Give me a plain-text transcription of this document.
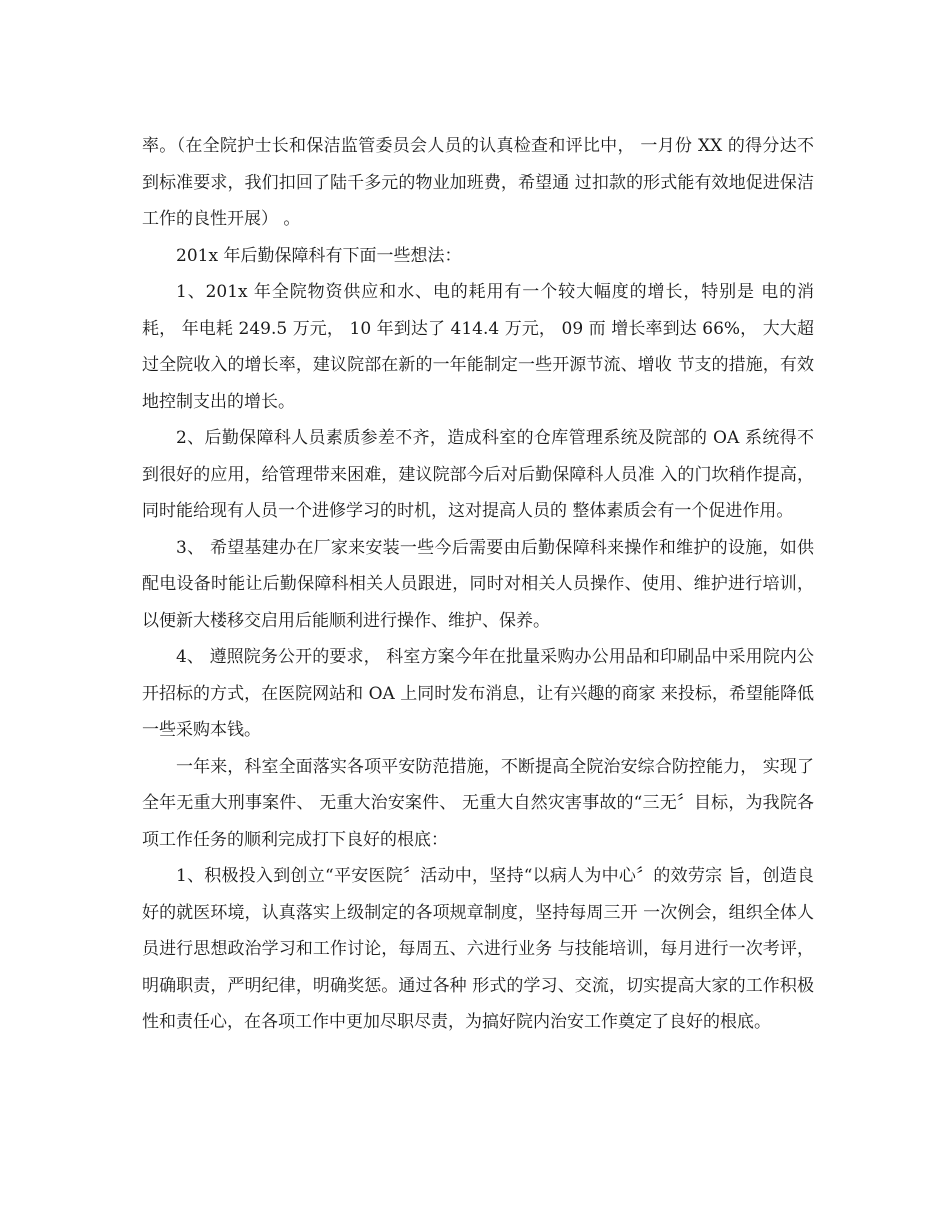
率。（在全院护士长和保洁监管委员会人员的认真检查和评比中， 一月份 XX 的得分达不到标准要求，我们扣回了陆千多元的物业加班费，希望通 过扣款的形式能有效地促进保洁工作的良性开展） 。

201x 年后勤保障科有下面一些想法：

1、201x 年全院物资供应和水、电的耗用有一个较大幅度的增长，特别是 电的消耗， 年电耗 249.5 万元， 10 年到达了 414.4 万元， 09 而 增长率到达 66%， 大大超过全院收入的增长率，建议院部在新的一年能制定一些开源节流、增收 节支的措施，有效地控制支出的增长。

2、后勤保障科人员素质参差不齐，造成科室的仓库管理系统及院部的 OA 系统得不到很好的应用，给管理带来困难，建议院部今后对后勤保障科人员准 入的门坎稍作提高，同时能给现有人员一个进修学习的时机，这对提高人员的 整体素质会有一个促进作用。

3、 希望基建办在厂家来安装一些今后需要由后勤保障科来操作和维护的设施，如供配电设备时能让后勤保障科相关人员跟进，同时对相关人员操作、使用、维护进行培训，以便新大楼移交启用后能顺利进行操作、维护、保养。

4、 遵照院务公开的要求， 科室方案今年在批量采购办公用品和印刷品中采用院内公开招标的方式，在医院网站和 OA 上同时发布消息，让有兴趣的商家 来投标，希望能降低一些采购本钱。

一年来，科室全面落实各项平安防范措施，不断提高全院治安综合防控能力， 实现了全年无重大刑事案件、 无重大治安案件、 无重大自然灾害事故的“三无〞目标，为我院各项工作任务的顺利完成打下良好的根底：

1、积极投入到创立“平安医院〞活动中，坚持“以病人为中心〞的效劳宗 旨，创造良好的就医环境，认真落实上级制定的各项规章制度，坚持每周三开 一次例会，组织全体人员进行思想政治学习和工作讨论，每周五、六进行业务 与技能培训，每月进行一次考评，明确职责，严明纪律，明确奖惩。通过各种 形式的学习、交流，切实提高大家的工作积极性和责任心，在各项工作中更加尽职尽责，为搞好院内治安工作奠定了良好的根底。
